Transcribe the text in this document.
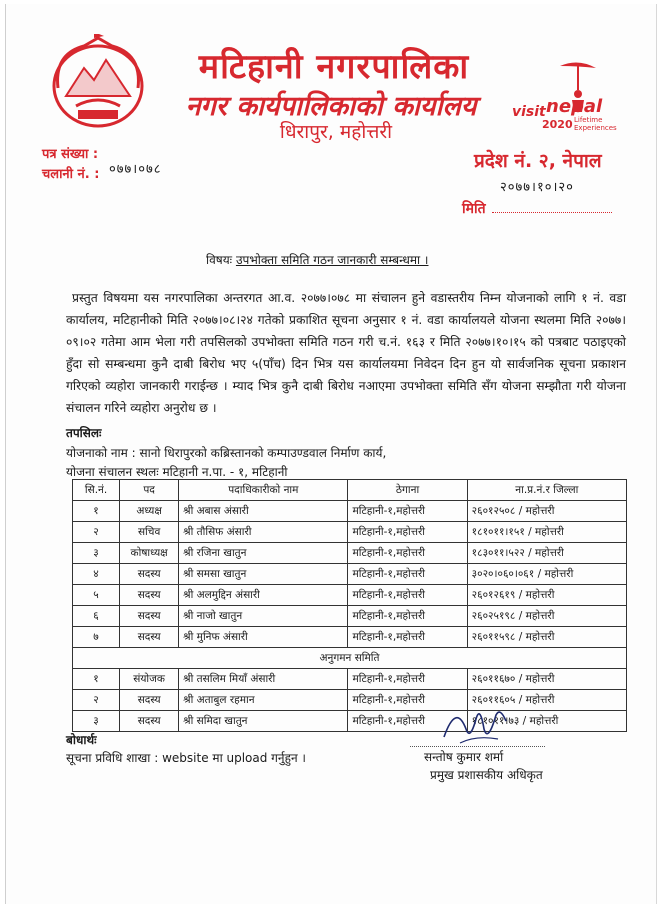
मटिहानी नगरपालिका
नगर कार्यपालिकाको कार्यालय
धिरापुर, महोत्तरी
visit nepal
2020 Lifetime
Experiences
पत्र संख्या :
चलानी नं. : ०७७।०७८	प्रदेश नं. २, नेपाल
२०७७।१०।२०
मिति
विषयः उपभोक्ता समिति गठन जानकारी सम्बन्धमा ।
प्रस्तुत विषयमा यस नगरपालिका अन्तरगत आ.व. २०७७।०७८ मा संचालन हुने वडास्तरीय निम्न योजनाको लागि १ नं. वडा कार्यालय, मटिहानीको मिति २०७७।०८।२४ गतेको प्रकाशित सूचना अनुसार १ नं. वडा कार्यालयले योजना स्थलमा मिति २०७७।०९।०२ गतेमा आम भेला गरी तपसिलको उपभोक्ता समिति गठन गरी च.नं. १६३ र मिति २०७७।१०।१५ को पत्रबाट पठाइएको हुँदा सो सम्बन्धमा कुनै दाबी बिरोध भए ५(पाँच) दिन भित्र यस कार्यालयमा निवेदन दिन हुन यो सार्वजनिक सूचना प्रकाशन गरिएको व्यहोरा जानकारी गराईन्छ । म्याद भित्र कुनै दाबी बिरोध नआएमा उपभोक्ता समिति सँग योजना सम्झौता गरी योजना संचालन गरिने व्यहोरा अनुरोध छ ।
तपसिलः
योजनाको नाम : सानो धिरापुरको कब्रिस्तानको कम्पाउण्डवाल निर्माण कार्य,
योजना संचालन स्थलः मटिहानी न.पा. - १, मटिहानी
सि.नं.	पद	पदाधिकारीको नाम	ठेगाना	ना.प्र.नं.र जिल्ला
१	अध्यक्ष	श्री अबास अंसारी	मटिहानी-१,महोत्तरी	२६०१२५०८ / महोत्तरी
२	सचिव	श्री तौसिफ अंसारी	मटिहानी-१,महोत्तरी	१८१०११।१५१ / महोत्तरी
३	कोषाध्यक्ष	श्री रजिना खातुन	मटिहानी-१,महोत्तरी	१८३०११।५२२ / महोत्तरी
४	सदस्य	श्री समसा खातुन	मटिहानी-१,महोत्तरी	३०२०।०६०।०६१ / महोत्तरी
५	सदस्य	श्री अलमुद्दिन अंसारी	मटिहानी-१,महोत्तरी	२६०१२६१९ / महोत्तरी
६	सदस्य	श्री नाजो खातुन	मटिहानी-१,महोत्तरी	२६०२५१९८ / महोत्तरी
७	सदस्य	श्री मुनिफ अंसारी	मटिहानी-१,महोत्तरी	२६०११५९८ / महोत्तरी
अनुगमन समिति				
१	संयोजक	श्री तसलिम मियाँ अंसारी	मटिहानी-१,महोत्तरी	२६०११६७० / महोत्तरी
२	सदस्य	श्री अताबुल रहमान	मटिहानी-१,महोत्तरी	२६०११६०५ / महोत्तरी
३	सदस्य	श्री समिदा खातुन	मटिहानी-१,महोत्तरी	१८१०११।७३ / महोत्तरी
बोधार्थः
सूचना प्रविधि शाखा : website मा upload गर्नुहुन ।	सन्तोष कुमार शर्मा
प्रमुख प्रशासकीय अधिकृत
